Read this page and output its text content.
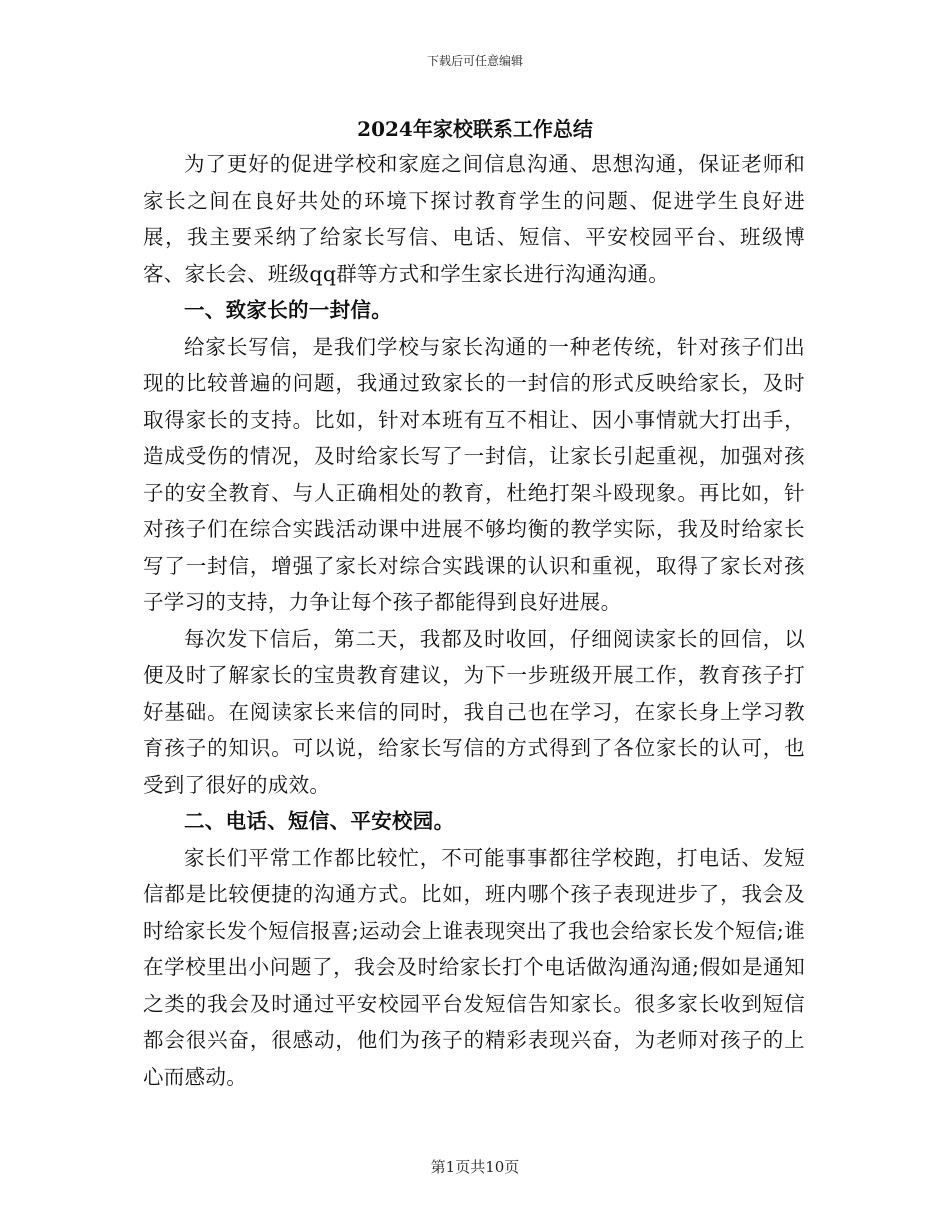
下载后可任意编辑
2024年家校联系工作总结

为了更好的促进学校和家庭之间信息沟通、思想沟通，保证老师和家长之间在良好共处的环境下探讨教育学生的问题、促进学生良好进展，我主要采纳了给家长写信、电话、短信、平安校园平台、班级博客、家长会、班级qq群等方式和学生家长进行沟通沟通。

一、致家长的一封信。

给家长写信，是我们学校与家长沟通的一种老传统，针对孩子们出现的比较普遍的问题，我通过致家长的一封信的形式反映给家长，及时取得家长的支持。比如，针对本班有互不相让、因小事情就大打出手，造成受伤的情况，及时给家长写了一封信，让家长引起重视，加强对孩子的安全教育、与人正确相处的教育，杜绝打架斗殴现象。再比如，针对孩子们在综合实践活动课中进展不够均衡的教学实际，我及时给家长写了一封信，增强了家长对综合实践课的认识和重视，取得了家长对孩子学习的支持，力争让每个孩子都能得到良好进展。

每次发下信后，第二天，我都及时收回，仔细阅读家长的回信，以便及时了解家长的宝贵教育建议，为下一步班级开展工作，教育孩子打好基础。在阅读家长来信的同时，我自己也在学习，在家长身上学习教育孩子的知识。可以说，给家长写信的方式得到了各位家长的认可，也受到了很好的成效。

二、电话、短信、平安校园。

家长们平常工作都比较忙，不可能事事都往学校跑，打电话、发短信都是比较便捷的沟通方式。比如，班内哪个孩子表现进步了，我会及时给家长发个短信报喜;运动会上谁表现突出了我也会给家长发个短信;谁在学校里出小问题了，我会及时给家长打个电话做沟通沟通;假如是通知之类的我会及时通过平安校园平台发短信告知家长。很多家长收到短信都会很兴奋，很感动，他们为孩子的精彩表现兴奋，为老师对孩子的上心而感动。

第1页共10页
